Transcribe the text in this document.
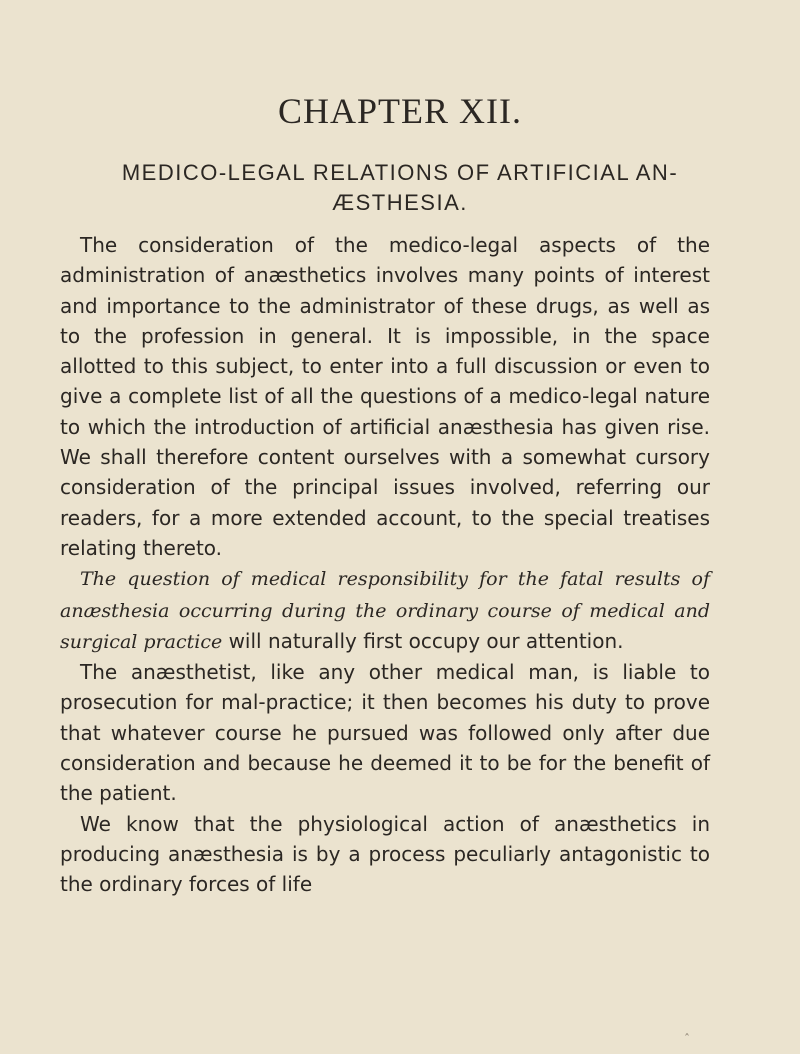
CHAPTER XII.
MEDICO-LEGAL RELATIONS OF ARTIFICIAL AN-
ÆSTHESIA.

The consideration of the medico-legal aspects of the administration of anæsthetics involves many points of interest and importance to the administrator of these drugs, as well as to the profession in general. It is impossible, in the space allotted to this subject, to enter into a full discussion or even to give a complete list of all the questions of a medico-legal nature to which the introduction of artificial anæsthesia has given rise. We shall therefore content ourselves with a somewhat cursory consideration of the principal issues involved, referring our readers, for a more extended account, to the special treatises relating thereto.

The question of medical responsibility for the fatal results of anæsthesia occurring during the ordinary course of medical and surgical practice will naturally first occupy our attention.

The anæsthetist, like any other medical man, is liable to prosecution for mal-practice; it then becomes his duty to prove that whatever course he pursued was followed only after due consideration and because he deemed it to be for the benefit of the patient.

We know that the physiological action of anæsthetics in producing anæsthesia is by a process peculiarly antagonistic to the ordinary forces of life

ˆ
